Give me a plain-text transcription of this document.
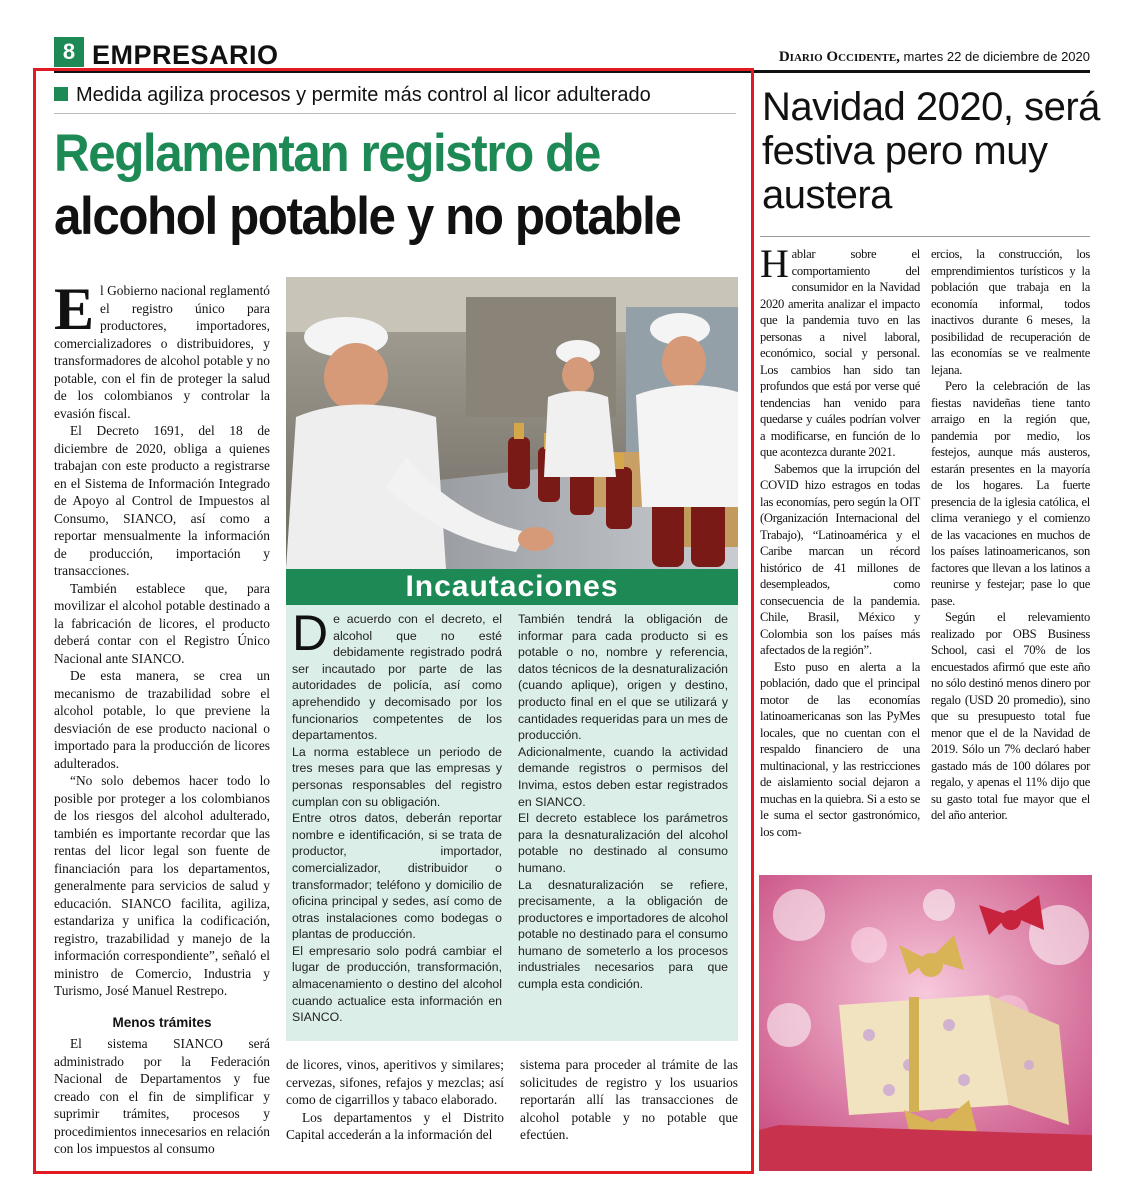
8 EMPRESARIO	Diario Occidente, martes 22 de diciembre de 2020
Medida agiliza procesos y permite más control al licor adulterado
Reglamentan registro de
alcohol potable y no potable

El Gobierno nacional reglamentó el registro único para productores, importadores, comercializadores o distribuidores, y transformadores de alcohol potable y no potable, con el fin de proteger la salud de los colombianos y controlar la evasión fiscal.

El Decreto 1691, del 18 de diciembre de 2020, obliga a quienes trabajan con este producto a registrarse en el Sistema de Información Integrado de Apoyo al Control de Impuestos al Consumo, SIANCO, así como a reportar mensualmente la información de producción, importación y transacciones.

También establece que, para movilizar el alcohol potable destinado a la fabricación de licores, el producto deberá contar con el Registro Único Nacional ante SIANCO.

De esta manera, se crea un mecanismo de trazabilidad sobre el alcohol potable, lo que previene la desviación de ese producto nacional o importado para la producción de licores adulterados.

“No solo debemos hacer todo lo posible por proteger a los colombianos de los riesgos del alcohol adulterado, también es importante recordar que las rentas del licor legal son fuente de financiación para los departamentos, generalmente para servicios de salud y educación. SIANCO facilita, agiliza, estandariza y unifica la codificación, registro, trazabilidad y manejo de la información correspondiente”, señaló el ministro de Comercio, Industria y Turismo, José Manuel Restrepo.

Menos trámites

El sistema SIANCO será administrado por la Federación Nacional de Departamentos y fue creado con el fin de simplificar y suprimir trámites, procesos y procedimientos innecesarios en relación con los impuestos al consumo

Incautaciones

De acuerdo con el decreto, el alcohol que no esté debidamente registrado podrá ser incautado por parte de las autoridades de policía, así como aprehendido y decomisado por los funcionarios competentes de los departamentos.

La norma establece un periodo de tres meses para que las empresas y personas responsables del registro cumplan con su obligación.

Entre otros datos, deberán reportar nombre e identificación, si se trata de productor, importador, comercializador, distribuidor o transformador; teléfono y domicilio de oficina principal y sedes, así como de otras instalaciones como bodegas o plantas de producción.

El empresario solo podrá cambiar el lugar de producción, transformación, almacenamiento o destino del alcohol cuando actualice esta información en SIANCO.

También tendrá la obligación de informar para cada producto si es potable o no, nombre y referencia, datos técnicos de la desnaturalización (cuando aplique), origen y destino, producto final en el que se utilizará y cantidades requeridas para un mes de producción.

Adicionalmente, cuando la actividad demande registros o permisos del Invima, estos deben estar registrados en SIANCO.

El decreto establece los parámetros para la desnaturalización del alcohol potable no destinado al consumo humano.

La desnaturalización se refiere, precisamente, a la obligación de productores e importadores de alcohol potable no destinado para el consumo humano de someterlo a los procesos industriales necesarios para que cumpla esta condición.

de licores, vinos, aperitivos y similares; cervezas, sifones, refajos y mezclas; así como de cigarrillos y tabaco elaborado.

Los departamentos y el Distrito Capital accederán a la información del

sistema para proceder al trámite de las solicitudes de registro y los usuarios reportarán allí las transacciones de alcohol potable y no potable que efectúen.

Navidad 2020, será festiva pero muy austera

Hablar sobre el comportamiento del consumidor en la Navidad 2020 amerita analizar el impacto que la pandemia tuvo en las personas a nivel laboral, económico, social y personal. Los cambios han sido tan profundos que está por verse qué tendencias han venido para quedarse y cuáles podrían volver a modificarse, en función de lo que acontezca durante 2021.

Sabemos que la irrupción del COVID hizo estragos en todas las economías, pero según la OIT (Organización Internacional del Trabajo), “Latinoamérica y el Caribe marcan un récord histórico de 41 millones de desempleados, como consecuencia de la pandemia. Chile, Brasil, México y Colombia son los países más afectados de la región”.

Esto puso en alerta a la población, dado que el principal motor de las economías latinoamericanas son las PyMes locales, que no cuentan con el respaldo financiero de una multinacional, y las restricciones de aislamiento social dejaron a muchas en la quiebra. Si a esto se le suma el sector gastronómico, los com-

ercios, la construcción, los emprendimientos turísticos y la población que trabaja en la economía informal, todos inactivos durante 6 meses, la posibilidad de recuperación de las economías se ve realmente lejana.

Pero la celebración de las fiestas navideñas tiene tanto arraigo en la región que, pandemia por medio, los festejos, aunque más austeros, estarán presentes en la mayoría de los hogares. La fuerte presencia de la iglesia católica, el clima veraniego y el comienzo de las vacaciones en muchos de los países latinoamericanos, son factores que llevan a los latinos a reunirse y festejar; pase lo que pase.

Según el relevamiento realizado por OBS Business School, casi el 70% de los encuestados afirmó que este año no sólo destinó menos dinero por regalo (USD 20 promedio), sino que su presupuesto total fue menor que el de la Navidad de 2019. Sólo un 7% declaró haber gastado más de 100 dólares por regalo, y apenas el 11% dijo que su gasto total fue mayor que el del año anterior.
